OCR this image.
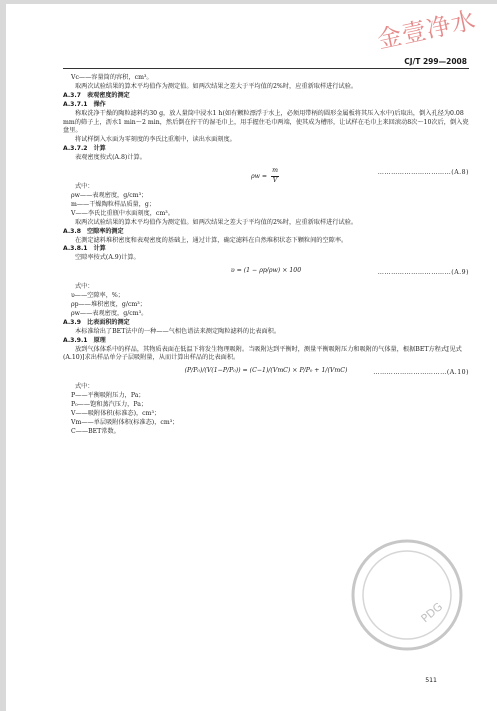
金壹净水
CJ/T 299—2008

Vc——容量筒的容积，cm³。

取两次试验结果的算术平均值作为测定值。如两次结果之差大于平均值的2%时，应重新取样进行试验。

A.3.7　表观密度的测定

A.3.7.1　操作

称取洗净干燥的陶粒滤料约30 g，放人量筒中浸水1 h(如有颗粒漂浮于水上，必须用带柄的圆形金属板将其压入水中)后取出，倒入孔径为0.08 mm的筛子上，沥水1 min～2 min，然后倒在拧干的湿毛巾上，用手握住毛巾两端，使其成为槽形，让试样在毛巾上来回滚动8次～10次后，倒入瓷盘里。

将试样倒入水面为零刻度的李氏比重瓶中，读出水面刻度。

A.3.7.2　计算

表观密度按式(A.8)计算。

$\rho w = \frac{m}{V}$	……………………………(A.8)

式中：

ρw——表观密度，g/cm³；

m——干燥陶粒样品质量，g；

V——李氏比重瓶中水面刻度，cm³。

取两次试验结果的算术平均值作为测定值。如两次结果之差大于平均值的2%时，应重新取样进行试验。

A.3.8　空隙率的测定

在测定滤料堆积密度和表观密度的基础上，通过计算，确定滤料在自然堆积状态下颗粒间的空隙率。

A.3.8.1　计算

空隙率按式(A.9)计算。

υ = (1 − ρp/ρw) × 100	……………………………(A.9)

式中：

υ——空隙率，%；

ρp——堆积密度，g/cm³；

ρw——表观密度，g/cm³。

A.3.9　比表面积的测定

本标准给出了BET法中的一种——气相色谱法来测定陶粒滤料的比表面积。

A.3.9.1　原理

放到气体体系中的样品，其物质表面在低温下将发生物理吸附。当吸附达到平衡时，测量平衡吸附压力和吸附的气体量，根据BET方程式[见式(A.10)]求出样品单分子层吸附量，从而计算出样品的比表面积。

(P/P₀)/(V(1−P/P₀)) = (C−1)/(VmC) × P/P₀ + 1/(VmC)	……………………………(A.10)

式中：

P——平衡吸附压力，Pa；

P₀——饱和蒸汽压力，Pa；

V——吸附体积(标准态)，cm³；

Vm——单层吸附体积(标准态)，cm³；

C——BET常数。

PDG
511
